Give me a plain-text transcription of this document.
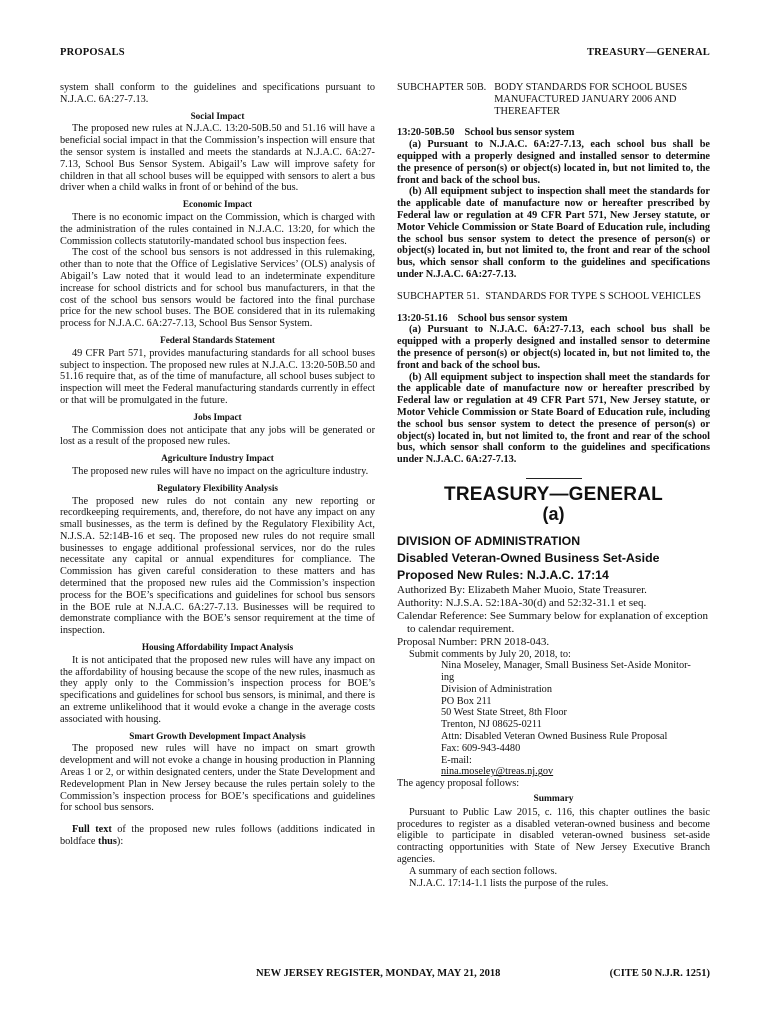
PROPOSALS	TREASURY—GENERAL

system shall conform to the guidelines and specifications pursuant to N.J.A.C. 6A:27-7.13.

Social Impact

The proposed new rules at N.J.A.C. 13:20-50B.50 and 51.16 will have a beneficial social impact in that the Commission’s inspection will ensure that the sensor system is installed and meets the standards at N.J.A.C. 6A:27-7.13, School Bus Sensor System. Abigail’s Law will improve safety for children in that all school buses will be equipped with sensors to alert a bus driver when a child walks in front of or behind of the bus.

Economic Impact

There is no economic impact on the Commission, which is charged with the administration of the rules contained in N.J.A.C. 13:20, for which the Commission collects statutorily-mandated school bus inspection fees.

The cost of the school bus sensors is not addressed in this rulemaking, other than to note that the Office of Legislative Services’ (OLS) analysis of Abigail’s Law noted that it would lead to an indeterminate expenditure increase for school districts and for school bus manufacturers, in that the cost of the school bus sensors would be factored into the final purchase price for the new school buses. The BOE considered that in its rulemaking process for N.J.A.C. 6A:27-7.13, School Bus Sensor System.

Federal Standards Statement

49 CFR Part 571, provides manufacturing standards for all school buses subject to inspection. The proposed new rules at N.J.A.C. 13:20-50B.50 and 51.16 require that, as of the time of manufacture, all school buses subject to inspection will meet the Federal manufacturing standards currently in effect or that will be promulgated in the future.

Jobs Impact

The Commission does not anticipate that any jobs will be generated or lost as a result of the proposed new rules.

Agriculture Industry Impact

The proposed new rules will have no impact on the agriculture industry.

Regulatory Flexibility Analysis

The proposed new rules do not contain any new reporting or recordkeeping requirements, and, therefore, do not have any impact on any small businesses, as the term is defined by the Regulatory Flexibility Act, N.J.S.A. 52:14B-16 et seq. The proposed new rules do not require small businesses to engage additional professional services, nor do the rules necessitate any capital or annual expenditures for compliance. The Commission has given careful consideration to these matters and has determined that the proposed new rules aid the Commission’s inspection process for the BOE’s specifications and guidelines for school bus sensors in the BOE rule at N.J.A.C. 6A:27-7.13. Businesses will be required to demonstrate compliance with the BOE’s sensor requirement at the time of inspection.

Housing Affordability Impact Analysis

It is not anticipated that the proposed new rules will have any impact on the affordability of housing because the scope of the new rules, inasmuch as they apply only to the Commission’s inspection process for BOE’s specifications and guidelines for school bus sensors, is minimal, and there is an extreme unlikelihood that it would evoke a change in the average costs associated with housing.

Smart Growth Development Impact Analysis

The proposed new rules will have no impact on smart growth development and will not evoke a change in housing production in Planning Areas 1 or 2, or within designated centers, under the State Development and Redevelopment Plan in New Jersey because the rules pertain solely to the Commission’s inspection process for BOE’s specifications and guidelines for school bus sensors.

Full text of the proposed new rules follows (additions indicated in boldface thus):

SUBCHAPTER 50B. BODY STANDARDS FOR SCHOOL BUSES MANUFACTURED JANUARY 2006 AND THEREAFTER

13:20-50B.50 School bus sensor system

(a) Pursuant to N.J.A.C. 6A:27-7.13, each school bus shall be equipped with a properly designed and installed sensor to determine the presence of person(s) or object(s) located in, but not limited to, the front and back of the school bus.

(b) All equipment subject to inspection shall meet the standards for the applicable date of manufacture now or hereafter prescribed by Federal law or regulation at 49 CFR Part 571, New Jersey statute, or Motor Vehicle Commission or State Board of Education rule, including the school bus sensor system to detect the presence of person(s) or object(s) located in, but not limited to, the front and rear of the school bus, which sensor shall conform to the guidelines and specifications under N.J.A.C. 6A:27-7.13.

SUBCHAPTER 51. STANDARDS FOR TYPE S SCHOOL VEHICLES

13:20-51.16 School bus sensor system

(a) Pursuant to N.J.A.C. 6A:27-7.13, each school bus shall be equipped with a properly designed and installed sensor to determine the presence of person(s) or object(s) located in, but not limited to, the front and back of the school bus.

(b) All equipment subject to inspection shall meet the standards for the applicable date of manufacture now or hereafter prescribed by Federal law or regulation at 49 CFR Part 571, New Jersey statute, or Motor Vehicle Commission or State Board of Education rule, including the school bus sensor system to detect the presence of person(s) or object(s) located in, but not limited to, the front and rear of the school bus, which sensor shall conform to the guidelines and specifications under N.J.A.C. 6A:27-7.13.

TREASURY—GENERAL
(a)
DIVISION OF ADMINISTRATION
Disabled Veteran-Owned Business Set-Aside
Proposed New Rules: N.J.A.C. 17:14

Authorized By: Elizabeth Maher Muoio, State Treasurer.

Authority: N.J.S.A. 52:18A-30(d) and 52:32-31.1 et seq.

Calendar Reference: See Summary below for explanation of exception to calendar requirement.

Proposal Number: PRN 2018-043.

Submit comments by July 20, 2018, to:

Nina Moseley, Manager, Small Business Set-Aside Monitor-
ing
Division of Administration
PO Box 211
50 West State Street, 8th Floor
Trenton, NJ 08625-0211
Attn: Disabled Veteran Owned Business Rule Proposal
Fax: 609-943-4480
E-mail:
nina.moseley@treas.nj.gov

The agency proposal follows:

Summary

Pursuant to Public Law 2015, c. 116, this chapter outlines the basic procedures to register as a disabled veteran-owned business and become eligible to participate in disabled veteran-owned business set-aside contracting opportunities with State of New Jersey Executive Branch agencies.

A summary of each section follows.

N.J.A.C. 17:14-1.1 lists the purpose of the rules.

NEW JERSEY REGISTER, MONDAY, MAY 21, 2018	(CITE 50 N.J.R. 1251)
